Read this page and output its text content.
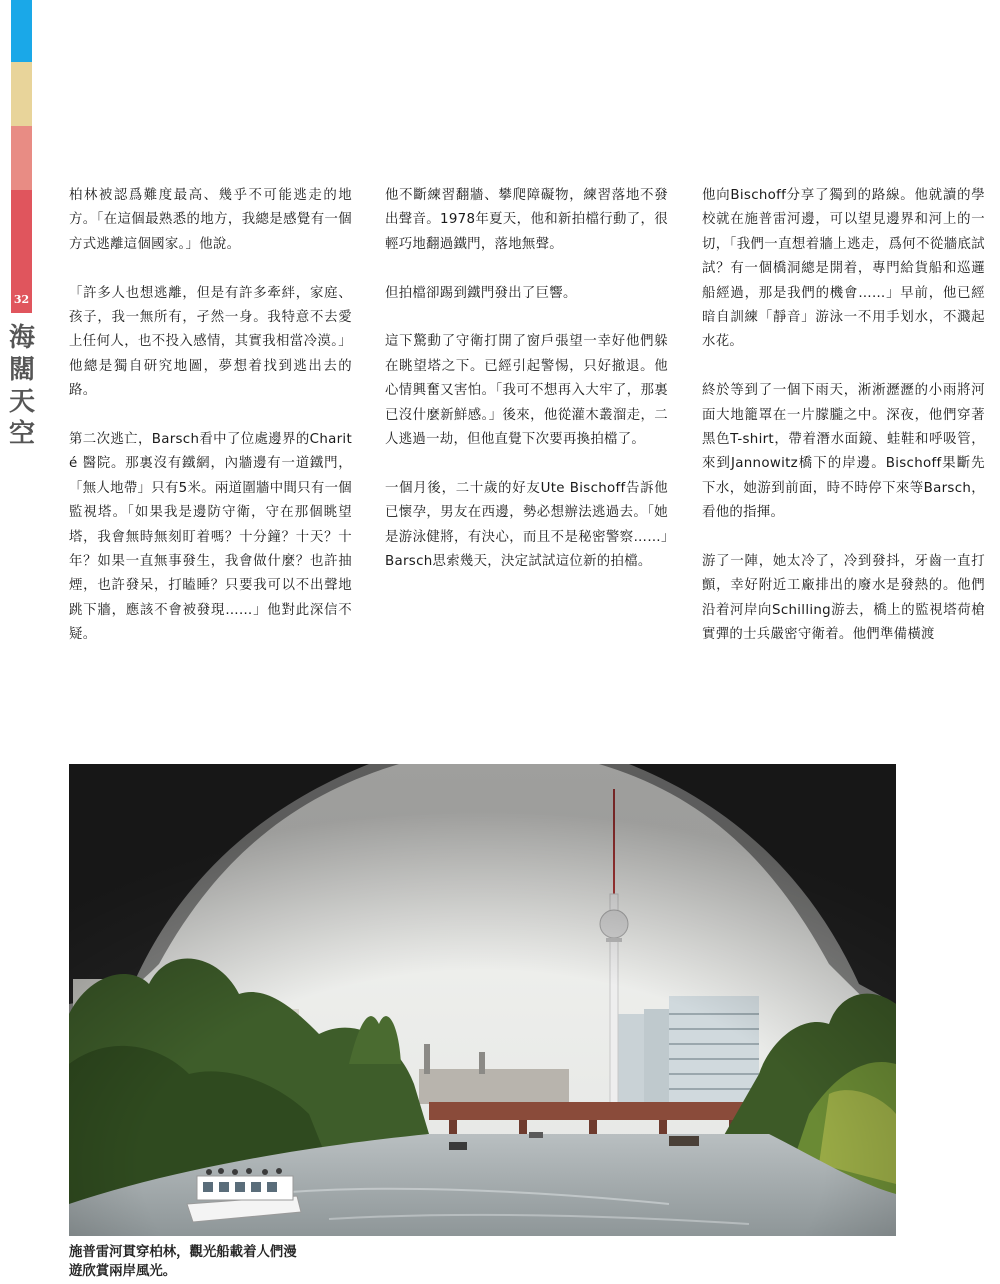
32
海
闊
天
空

柏林被認爲難度最高、幾乎不可能逃走的地方。「在這個最熟悉的地方，我總是感覺有一個方式逃離這個國家。」他說。

「許多人也想逃離，但是有許多牽絆，家庭、孩子，我一無所有，孑然一身。我特意不去愛上任何人，也不投入感情，其實我相當冷漠。」他總是獨自研究地圖，夢想着找到逃出去的路。

第二次逃亡，Barsch看中了位處邊界的Charit é 醫院。那裏沒有鐵網，內牆邊有一道鐵門，「無人地帶」只有5米。兩道圍牆中間只有一個監視塔。「如果我是邊防守衛，守在那個眺望塔，我會無時無刻盯着嗎？十分鐘？十天？十年？如果一直無事發生，我會做什麼？也許抽煙，也許發呆，打瞌睡？只要我可以不出聲地跳下牆，應該不會被發現……」他對此深信不疑。

他不斷練習翻牆、攀爬障礙物，練習落地不發出聲音。1978年夏天，他和新拍檔行動了，很輕巧地翻過鐵門，落地無聲。

但拍檔卻踢到鐵門發出了巨響。

這下驚動了守衛打開了窗戶張望一幸好他們躲在眺望塔之下。已經引起警惕，只好撤退。他心情興奮又害怕。「我可不想再入大牢了，那裏已沒什麼新鮮感。」後來，他從灌木叢溜走，二人逃過一劫，但他直覺下次要再換拍檔了。

一個月後，二十歲的好友Ute Bischoff告訴他已懷孕，男友在西邊，勢必想辦法逃過去。「她是游泳健將，有決心，而且不是秘密警察……」Barsch思索幾天，決定試試這位新的拍檔。

他向Bischoff分享了獨到的路線。他就讀的學校就在施普雷河邊，可以望見邊界和河上的一切，「我們一直想着牆上逃走，爲何不從牆底試試？有一個橋洞總是開着，專門給貨船和巡邏船經過，那是我們的機會……」早前，他已經暗自訓練「靜音」游泳一不用手划水，不濺起水花。

終於等到了一個下雨天，淅淅瀝瀝的小雨將河面大地籠罩在一片朦朧之中。深夜，他們穿著黑色T-shirt，帶着潛水面鏡、蛙鞋和呼吸管，來到Jannowitz橋下的岸邊。Bischoff果斷先下水，她游到前面，時不時停下來等Barsch，看他的指揮。

游了一陣，她太冷了，冷到發抖，牙齒一直打顫，幸好附近工廠排出的廢水是發熱的。他們沿着河岸向Schilling游去，橋上的監視塔荷槍實彈的士兵嚴密守衛着。他們準備橫渡

施普雷河貫穿柏林，觀光船載着人們漫遊欣賞兩岸風光。
